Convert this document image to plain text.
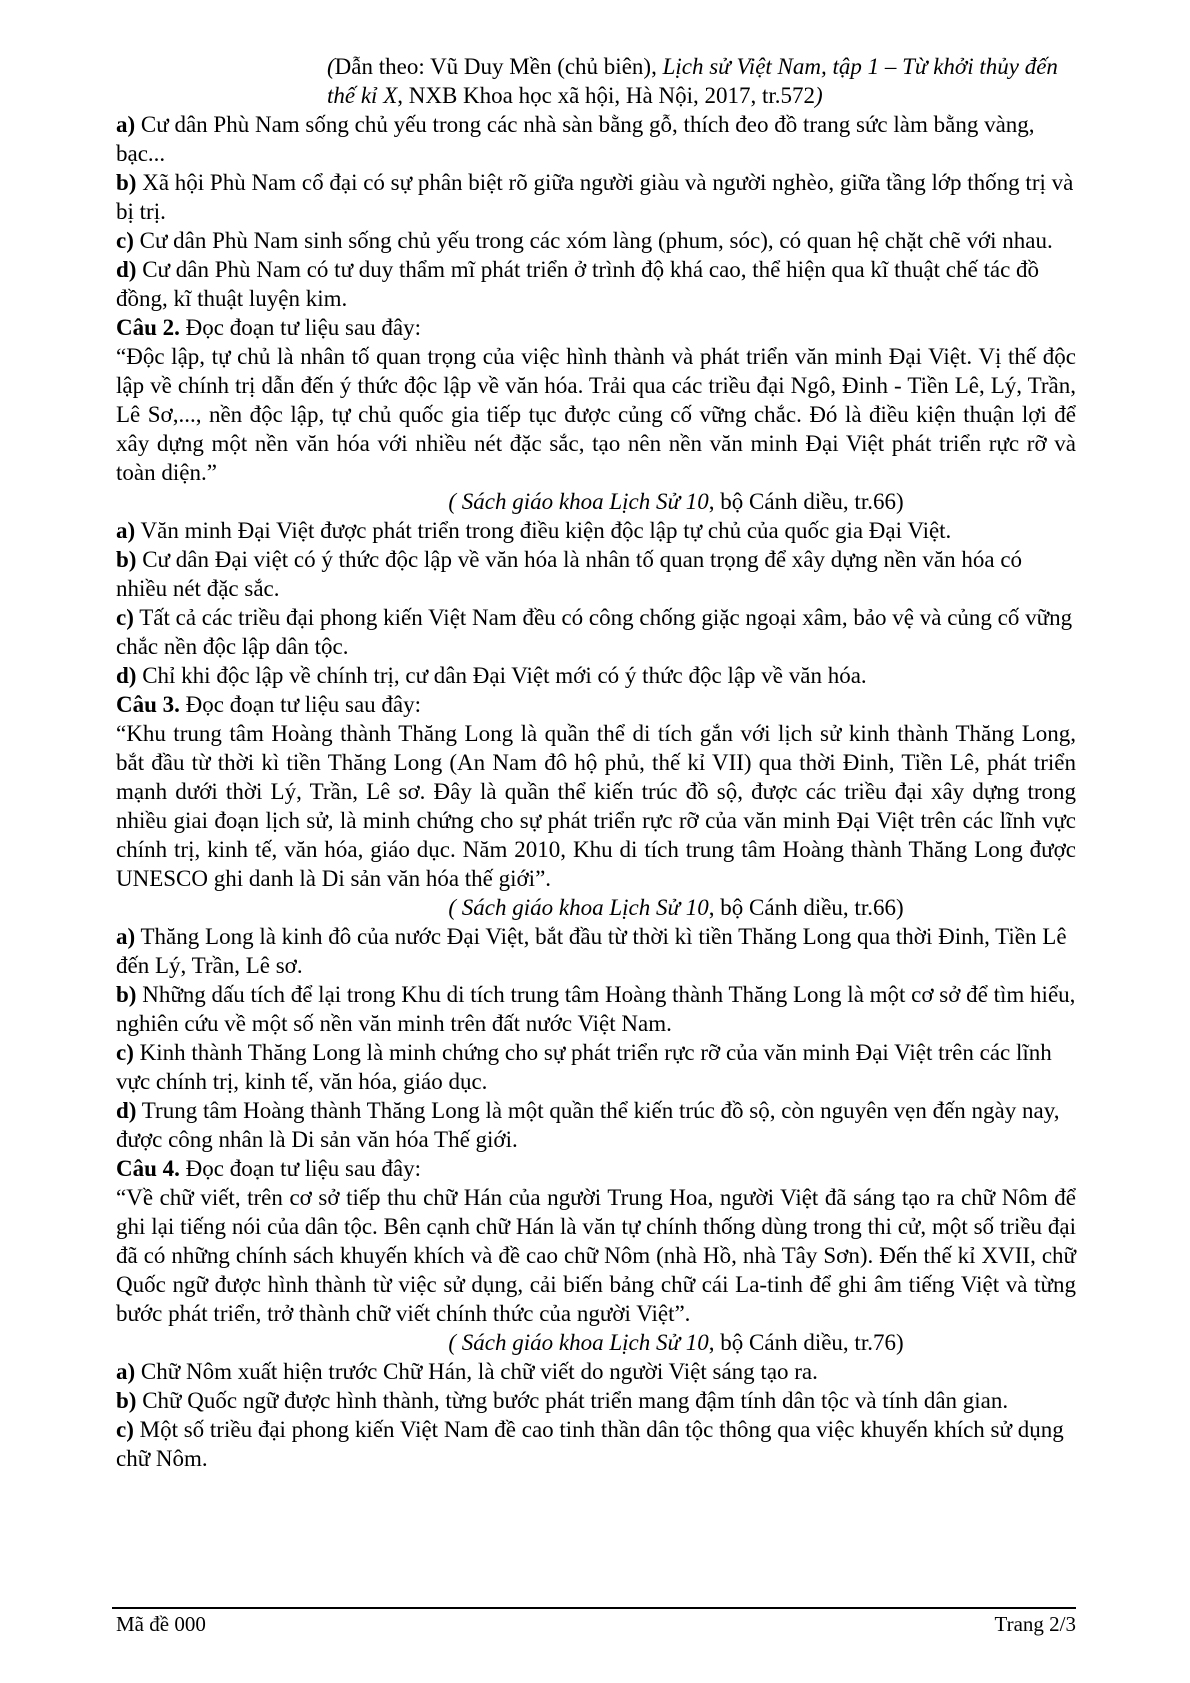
(Dẫn theo: Vũ Duy Mền (chủ biên), Lịch sử Việt Nam, tập 1 – Từ khởi thủy đến thế kỉ X, NXB Khoa học xã hội, Hà Nội, 2017, tr.572)

a) Cư dân Phù Nam sống chủ yếu trong các nhà sàn bằng gỗ, thích đeo đồ trang sức làm bằng vàng, bạc...

b) Xã hội Phù Nam cổ đại có sự phân biệt rõ giữa người giàu và người nghèo, giữa tầng lớp thống trị và bị trị.

c) Cư dân Phù Nam sinh sống chủ yếu trong các xóm làng (phum, sóc), có quan hệ chặt chẽ với nhau.

d) Cư dân Phù Nam có tư duy thẩm mĩ phát triển ở trình độ khá cao, thể hiện qua kĩ thuật chế tác đồ đồng, kĩ thuật luyện kim.

Câu 2. Đọc đoạn tư liệu sau đây:

“Độc lập, tự chủ là nhân tố quan trọng của việc hình thành và phát triển văn minh Đại Việt. Vị thế độc lập về chính trị dẫn đến ý thức độc lập về văn hóa. Trải qua các triều đại Ngô, Đinh - Tiền Lê, Lý, Trần, Lê Sơ,..., nền độc lập, tự chủ quốc gia tiếp tục được củng cố vững chắc. Đó là điều kiện thuận lợi để xây dựng một nền văn hóa với nhiều nét đặc sắc, tạo nên nền văn minh Đại Việt phát triển rực rỡ và toàn diện.”

( Sách giáo khoa Lịch Sử 10, bộ Cánh diều, tr.66)

a) Văn minh Đại Việt được phát triển trong điều kiện độc lập tự chủ của quốc gia Đại Việt.

b) Cư dân Đại việt có ý thức độc lập về văn hóa là nhân tố quan trọng để xây dựng nền văn hóa có nhiều nét đặc sắc.

c) Tất cả các triều đại phong kiến Việt Nam đều có công chống giặc ngoại xâm, bảo vệ và củng cố vững chắc nền độc lập dân tộc.

d) Chỉ khi độc lập về chính trị, cư dân Đại Việt mới có ý thức độc lập về văn hóa.

Câu 3. Đọc đoạn tư liệu sau đây:

“Khu trung tâm Hoàng thành Thăng Long là quần thể di tích gắn với lịch sử kinh thành Thăng Long, bắt đầu từ thời kì tiền Thăng Long (An Nam đô hộ phủ, thế kỉ VII) qua thời Đinh, Tiền Lê, phát triển mạnh dưới thời Lý, Trần, Lê sơ. Đây là quần thể kiến trúc đồ sộ, được các triều đại xây dựng trong nhiều giai đoạn lịch sử, là minh chứng cho sự phát triển rực rỡ của văn minh Đại Việt trên các lĩnh vực chính trị, kinh tế, văn hóa, giáo dục. Năm 2010, Khu di tích trung tâm Hoàng thành Thăng Long được UNESCO ghi danh là Di sản văn hóa thế giới”.

( Sách giáo khoa Lịch Sử 10, bộ Cánh diều, tr.66)

a) Thăng Long là kinh đô của nước Đại Việt, bắt đầu từ thời kì tiền Thăng Long qua thời Đinh, Tiền Lê đến Lý, Trần, Lê sơ.

b) Những dấu tích để lại trong Khu di tích trung tâm Hoàng thành Thăng Long là một cơ sở để tìm hiểu, nghiên cứu về một số nền văn minh trên đất nước Việt Nam.

c) Kinh thành Thăng Long là minh chứng cho sự phát triển rực rỡ của văn minh Đại Việt trên các lĩnh vực chính trị, kinh tế, văn hóa, giáo dục.

d) Trung tâm Hoàng thành Thăng Long là một quần thể kiến trúc đồ sộ, còn nguyên vẹn đến ngày nay, được công nhân là Di sản văn hóa Thế giới.

Câu 4. Đọc đoạn tư liệu sau đây:

“Về chữ viết, trên cơ sở tiếp thu chữ Hán của người Trung Hoa, người Việt đã sáng tạo ra chữ Nôm để ghi lại tiếng nói của dân tộc. Bên cạnh chữ Hán là văn tự chính thống dùng trong thi cử, một số triều đại đã có những chính sách khuyến khích và đề cao chữ Nôm (nhà Hồ, nhà Tây Sơn). Đến thế kỉ XVII, chữ Quốc ngữ được hình thành từ việc sử dụng, cải biến bảng chữ cái La-tinh để ghi âm tiếng Việt và từng bước phát triển, trở thành chữ viết chính thức của người Việt”.

( Sách giáo khoa Lịch Sử 10, bộ Cánh diều, tr.76)

a) Chữ Nôm xuất hiện trước Chữ Hán, là chữ viết do người Việt sáng tạo ra.

b) Chữ Quốc ngữ được hình thành, từng bước phát triển mang đậm tính dân tộc và tính dân gian.

c) Một số triều đại phong kiến Việt Nam đề cao tinh thần dân tộc thông qua việc khuyến khích sử dụng chữ Nôm.

Mã đề 000	Trang 2/3
